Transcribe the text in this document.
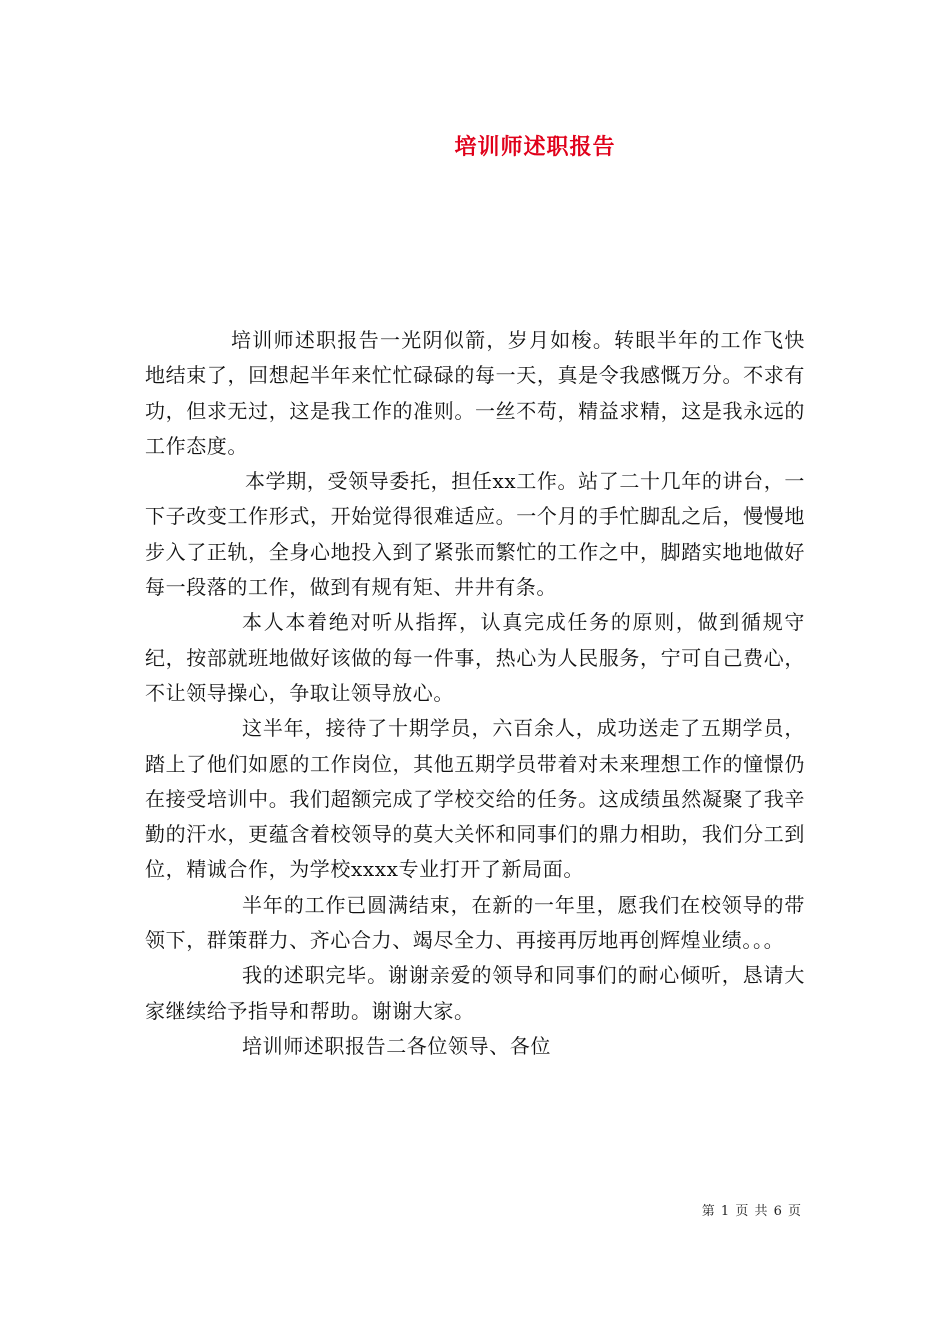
培训师述职报告

培训师述职报告一光阴似箭，岁月如梭。转眼半年的工作飞快地结束了，回想起半年来忙忙碌碌的每一天，真是令我感慨万分。不求有功，但求无过，这是我工作的准则。一丝不苟，精益求精，这是我永远的工作态度。

本学期，受领导委托，担任xx工作。站了二十几年的讲台，一下子改变工作形式，开始觉得很难适应。一个月的手忙脚乱之后，慢慢地步入了正轨，全身心地投入到了紧张而繁忙的工作之中，脚踏实地地做好每一段落的工作，做到有规有矩、井井有条。

本人本着绝对听从指挥，认真完成任务的原则，做到循规守纪，按部就班地做好该做的每一件事，热心为人民服务，宁可自己费心，不让领导操心，争取让领导放心。

这半年，接待了十期学员，六百余人，成功送走了五期学员，踏上了他们如愿的工作岗位，其他五期学员带着对未来理想工作的憧憬仍在接受培训中。我们超额完成了学校交给的任务。这成绩虽然凝聚了我辛勤的汗水，更蕴含着校领导的莫大关怀和同事们的鼎力相助，我们分工到位，精诚合作，为学校xxxx专业打开了新局面。

半年的工作已圆满结束，在新的一年里，愿我们在校领导的带领下，群策群力、齐心合力、竭尽全力、再接再厉地再创辉煌业绩。。。

我的述职完毕。谢谢亲爱的领导和同事们的耐心倾听，恳请大家继续给予指导和帮助。谢谢大家。

培训师述职报告二各位领导、各位

第 1 页 共 6 页
